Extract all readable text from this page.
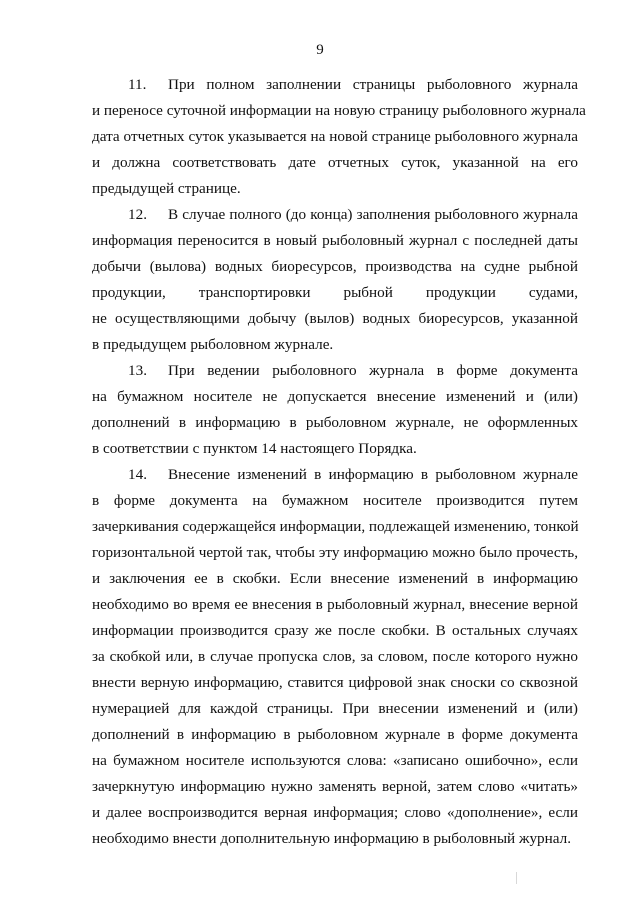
9

11. При полном заполнении страницы рыболовного журнала
и переносе суточной информации на новую страницу рыболовного журнала
дата отчетных суток указывается на новой странице рыболовного журнала
и должна соответствовать дате отчетных суток, указанной на его
предыдущей странице.

12. В случае полного (до конца) заполнения рыболовного журнала
информация переносится в новый рыболовный журнал с последней даты
добычи (вылова) водных биоресурсов, производства на судне рыбной
продукции, транспортировки рыбной продукции судами,
не осуществляющими добычу (вылов) водных биоресурсов, указанной
в предыдущем рыболовном журнале.

13. При ведении рыболовного журнала в форме документа
на бумажном носителе не допускается внесение изменений и (или)
дополнений в информацию в рыболовном журнале, не оформленных
в соответствии с пунктом 14 настоящего Порядка.

14. Внесение изменений в информацию в рыболовном журнале
в форме документа на бумажном носителе производится путем
зачеркивания содержащейся информации, подлежащей изменению, тонкой
горизонтальной чертой так, чтобы эту информацию можно было прочесть,
и заключения ее в скобки. Если внесение изменений в информацию
необходимо во время ее внесения в рыболовный журнал, внесение верной
информации производится сразу же после скобки. В остальных случаях
за скобкой или, в случае пропуска слов, за словом, после которого нужно
внести верную информацию, ставится цифровой знак сноски со сквозной
нумерацией для каждой страницы. При внесении изменений и (или)
дополнений в информацию в рыболовном журнале в форме документа
на бумажном носителе используются слова: «записано ошибочно», если
зачеркнутую информацию нужно заменять верной, затем слово «читать»
и далее воспроизводится верная информация; слово «дополнение», если
необходимо внести дополнительную информацию в рыболовный журнал.
